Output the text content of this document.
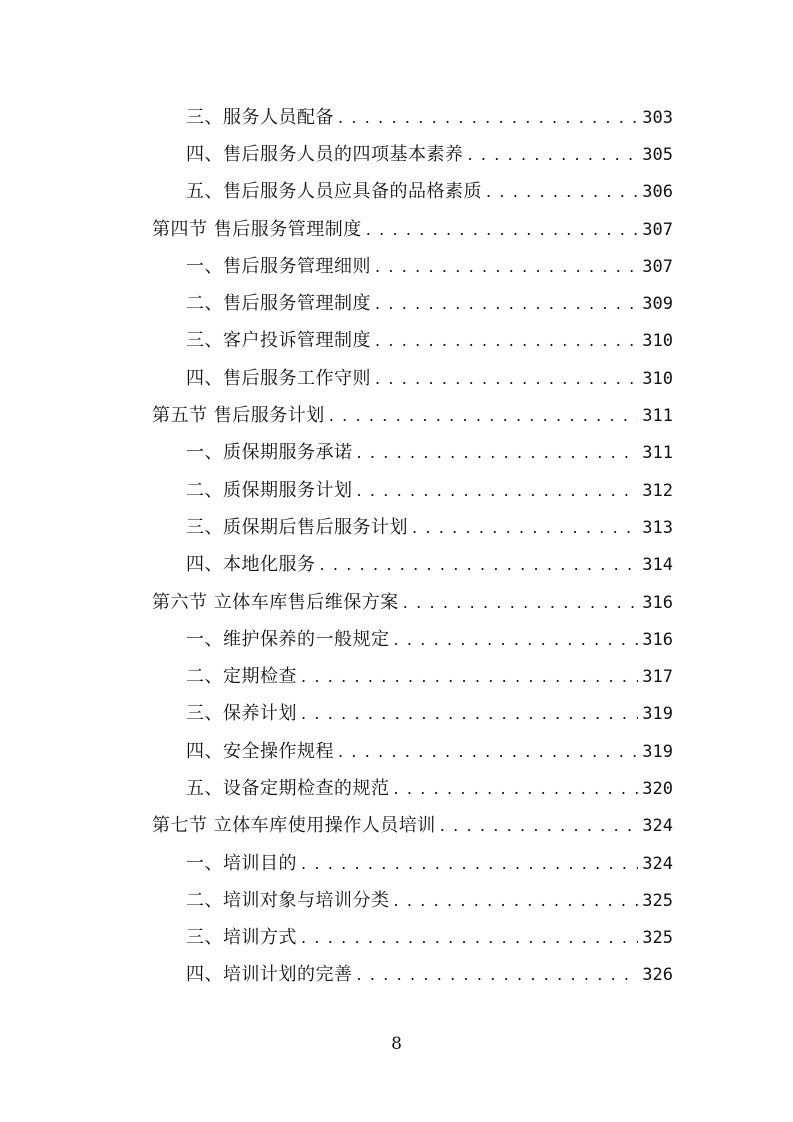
三、服务人员配备 . . .	303
四、售后服务人员的四项基本素养 . . .	305
五、售后服务人员应具备的品格素质 . . .	306
第四节 售后服务管理制度 . . .	307
一、售后服务管理细则 . . .	307
二、售后服务管理制度 . . .	309
三、客户投诉管理制度 . . .	310
四、售后服务工作守则 . . .	310
第五节 售后服务计划 . . .	311
一、质保期服务承诺 . . .	311
二、质保期服务计划 . . .	312
三、质保期后售后服务计划 . . .	313
四、本地化服务 . . .	314
第六节 立体车库售后维保方案 . . .	316
一、维护保养的一般规定 . . .	316
二、定期检查 . . .	317
三、保养计划 . . .	319
四、安全操作规程 . . .	319
五、设备定期检查的规范 . . .	320
第七节 立体车库使用操作人员培训 . . .	324
一、培训目的 . . .	324
二、培训对象与培训分类 . . .	325
三、培训方式 . . .	325
四、培训计划的完善 . . .	326
8
